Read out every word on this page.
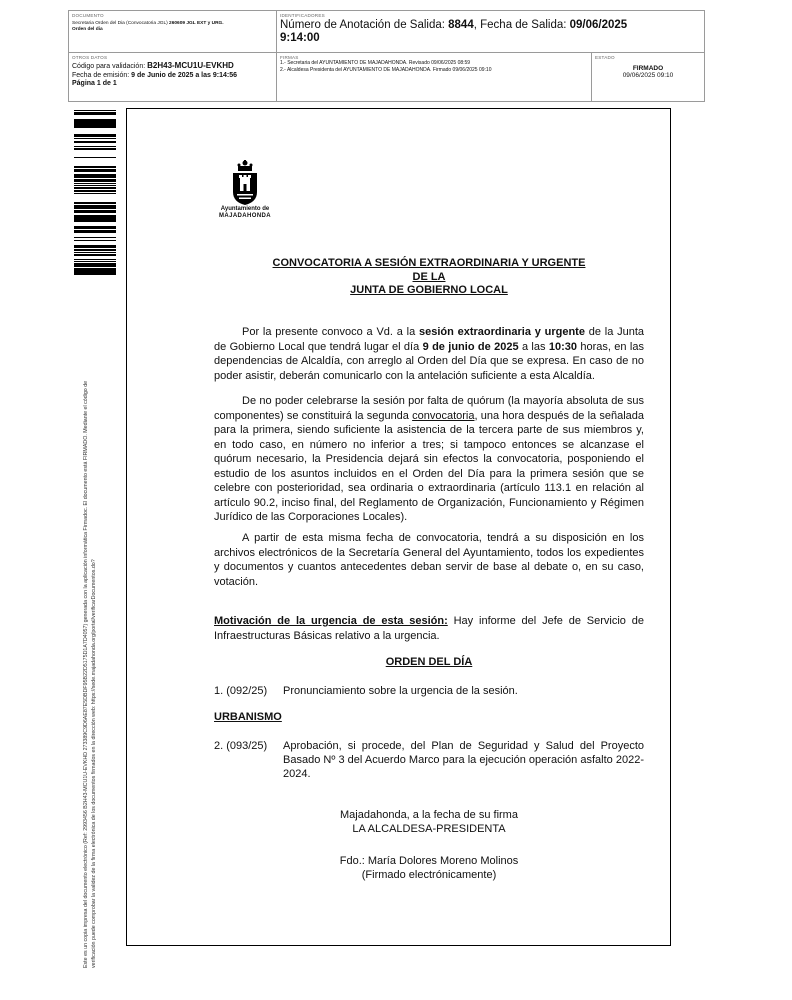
DOCUMENTO
Secretaria Orden del Dia (Convocatoria JGL) 260609 JGL EXT y URG.
Orden del dia
IDENTIFICADORES
Número de Anotación de Salida: 8844, Fecha de Salida: 09/06/2025
9:14:00
OTROS DATOS
Código para validación: B2H43-MCU1U-EVKHD
Fecha de emisión: 9 de Junio de 2025 a las 9:14:56
Página 1 de 1
FIRMAS
1.- Secretaria del AYUNTAMIENTO DE MAJADAHONDA. Revisado 09/06/2025 08:59
2.- Alcaldesa Presidenta del AYUNTAMIENTO DE MAJADAHONDA. Firmado 09/06/2025 09:10
ESTADO
FIRMADO
09/06/2025 09:10
Este es un copia impresa del documento electrónico (Ref: 2993456 B2H43-MCU1U-EVKHD 273389C9D6AE87E5DBDF95B22D5175D1A7D4057) generada con la aplicación informática Firmadoc. El documento está FIRMADO. Mediante el código de verificación puede comprobar la validez de la firma electrónica de los documentos firmados en la dirección web: https://sede.majadahonda.org/portal/verificarDocumentos.do?
Ayuntamiento de
MAJADAHONDA
CONVOCATORIA A SESIÓN EXTRAORDINARIA Y URGENTE
DE LA
JUNTA DE GOBIERNO LOCAL

Por la presente convoco a Vd. a la sesión extraordinaria y urgente de la Junta de Gobierno Local que tendrá lugar el día 9 de junio de 2025 a las 10:30 horas, en las dependencias de Alcaldía, con arreglo al Orden del Día que se expresa. En caso de no poder asistir, deberán comunicarlo con la antelación suficiente a esta Alcaldía.

De no poder celebrarse la sesión por falta de quórum (la mayoría absoluta de sus componentes) se constituirá la segunda convocatoria, una hora después de la señalada para la primera, siendo suficiente la asistencia de la tercera parte de sus miembros y, en todo caso, en número no inferior a tres; si tampoco entonces se alcanzase el quórum necesario, la Presidencia dejará sin efectos la convocatoria, posponiendo el estudio de los asuntos incluidos en el Orden del Día para la primera sesión que se celebre con posterioridad, sea ordinaria o extraordinaria (artículo 113.1 en relación al artículo 90.2, inciso final, del Reglamento de Organización, Funcionamiento y Régimen Jurídico de las Corporaciones Locales).

A partir de esta misma fecha de convocatoria, tendrá a su disposición en los archivos electrónicos de la Secretaría General del Ayuntamiento, todos los expedientes y documentos y cuantos antecedentes deban servir de base al debate o, en su caso, votación.

Motivación de la urgencia de esta sesión: Hay informe del Jefe de Servicio de Infraestructuras Básicas relativo a la urgencia.

ORDEN DEL DÍA
1. (092/25) Pronunciamiento sobre la urgencia de la sesión.
URBANISMO
2. (093/25) Aprobación, si procede, del Plan de Seguridad y Salud del Proyecto Basado Nº 3 del Acuerdo Marco para la ejecución operación asfalto 2022-2024.
Majadahonda, a la fecha de su firma
LA ALCALDESA-PRESIDENTA
Fdo.: María Dolores Moreno Molinos
(Firmado electrónicamente)
